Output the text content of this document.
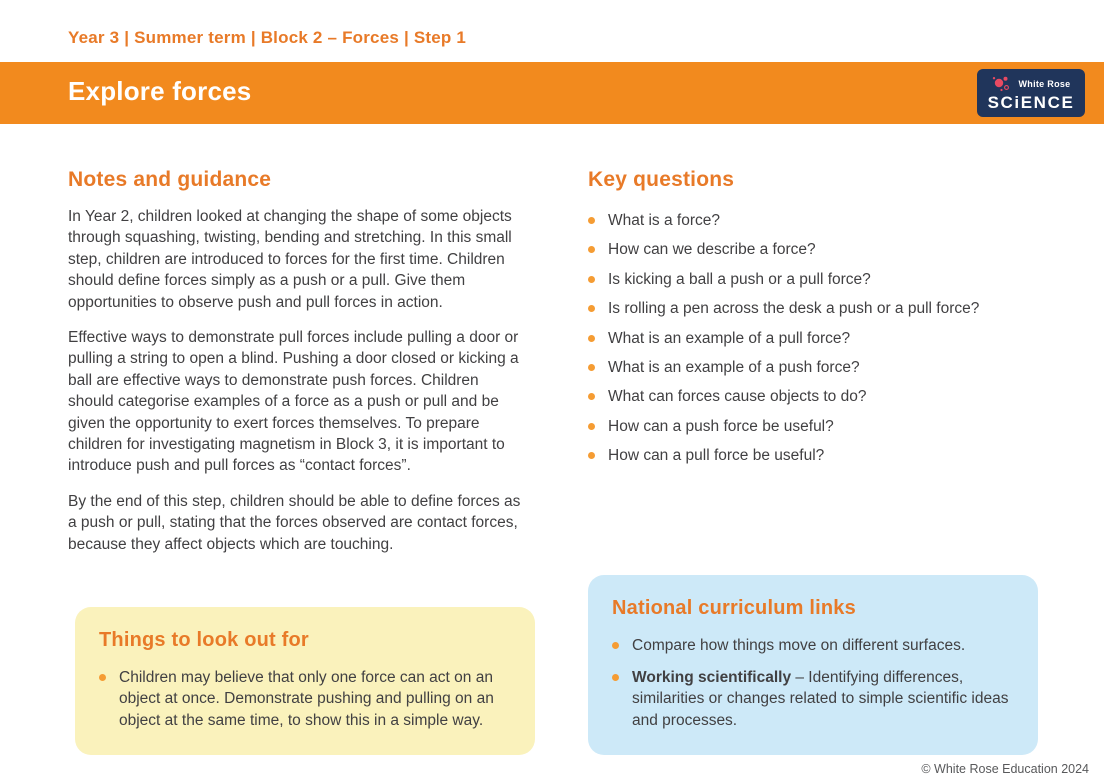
Year 3 | Summer term | Block 2 – Forces | Step 1
Explore forces	White Rose
SCiENCE
Notes and guidance

In Year 2, children looked at changing the shape of some objects through squashing, twisting, bending and stretching. In this small step, children are introduced to forces for the first time. Children should define forces simply as a push or a pull. Give them opportunities to observe push and pull forces in action.

Effective ways to demonstrate pull forces include pulling a door or pulling a string to open a blind. Pushing a door closed or kicking a ball are effective ways to demonstrate push forces. Children should categorise examples of a force as a push or pull and be given the opportunity to exert forces themselves. To prepare children for investigating magnetism in Block 3, it is important to introduce push and pull forces as “contact forces”.

By the end of this step, children should be able to define forces as a push or pull, stating that the forces observed are contact forces, because they affect objects which are touching.

Key questions
What is a force?
How can we describe a force?
Is kicking a ball a push or a pull force?
Is rolling a pen across the desk a push or a pull force?
What is an example of a pull force?
What is an example of a push force?
What can forces cause objects to do?
How can a push force be useful?
How can a pull force be useful?
Things to look out for
Children may believe that only one force can act on an object at once. Demonstrate pushing and pulling on an object at the same time, to show this in a simple way.
National curriculum links
Compare how things move on different surfaces.
Working scientifically – Identifying differences, similarities or changes related to simple scientific ideas and processes.
© White Rose Education 2024
